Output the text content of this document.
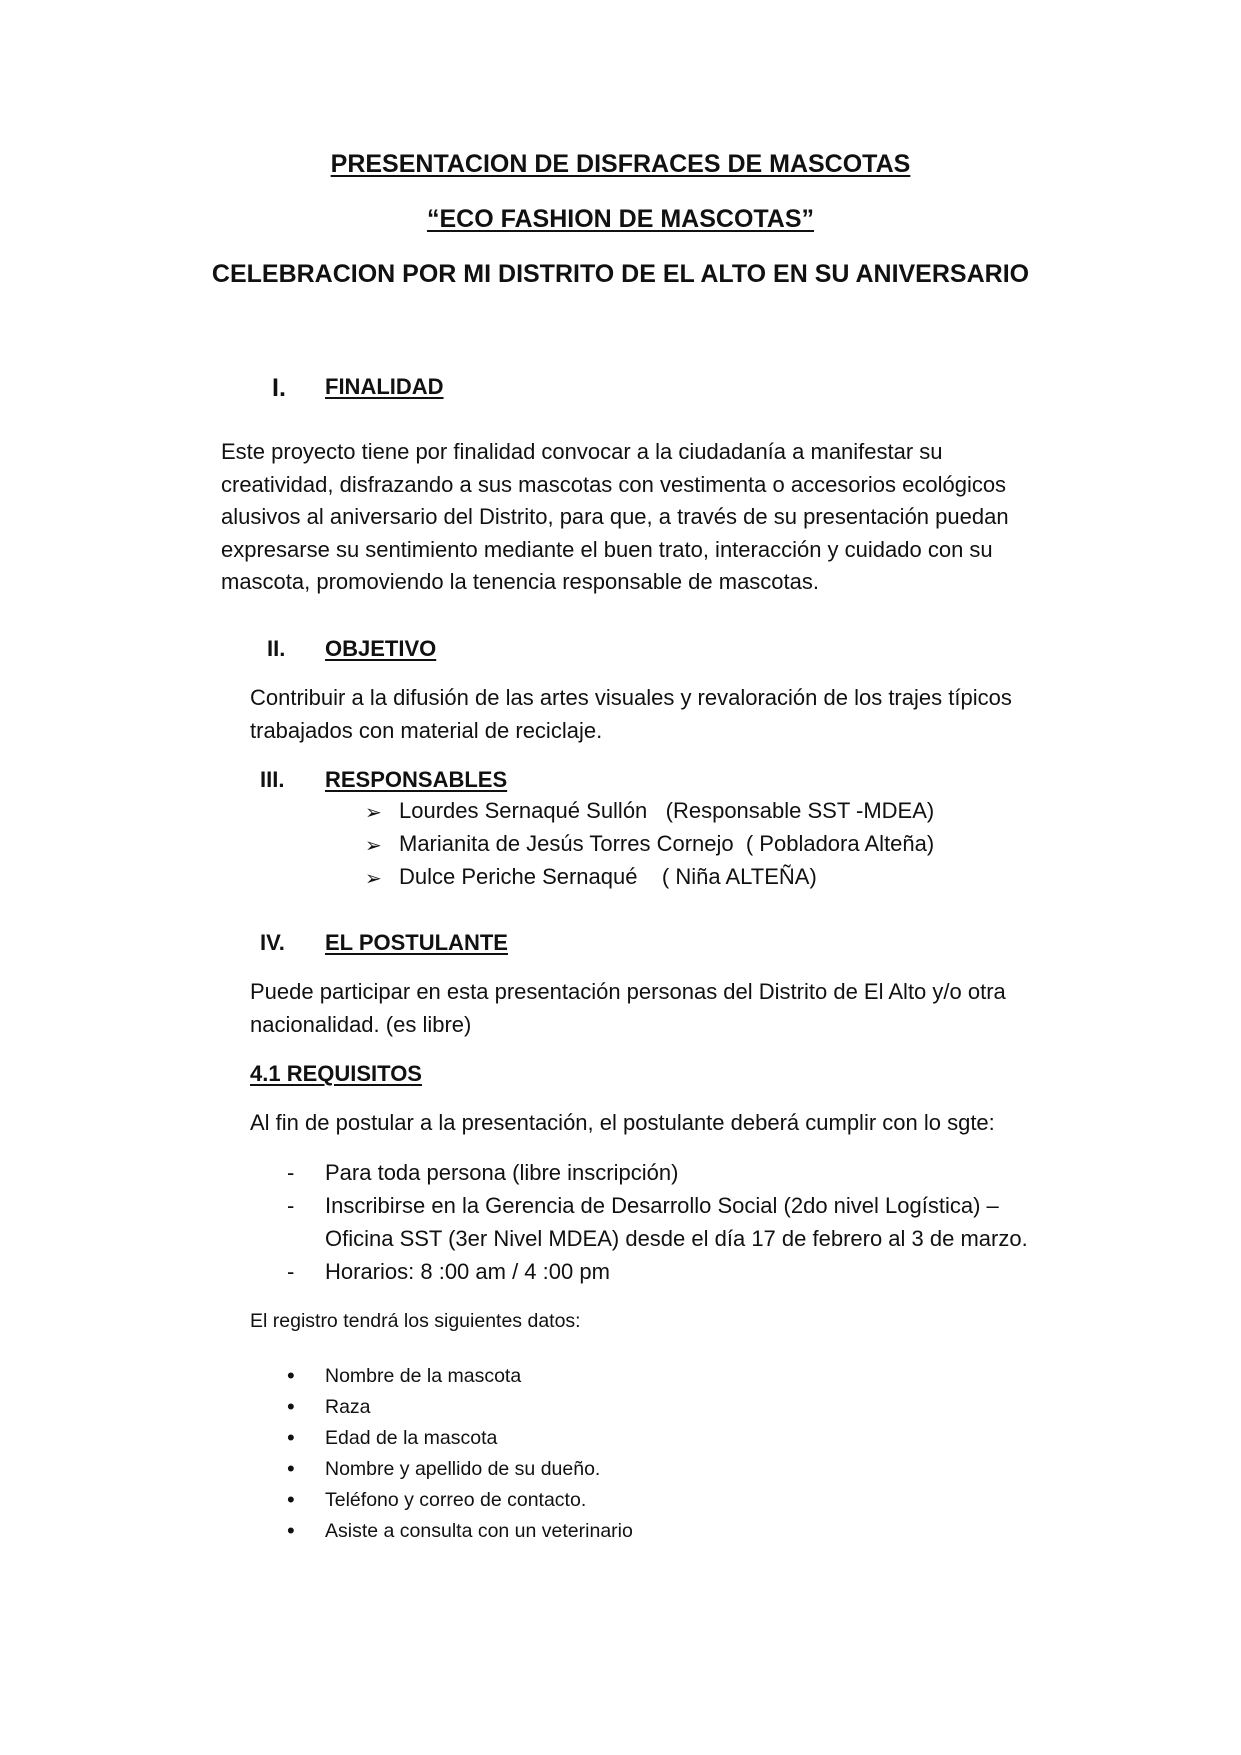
PRESENTACION DE DISFRACES DE MASCOTAS
“ECO FASHION DE MASCOTAS”
CELEBRACION POR MI DISTRITO DE EL ALTO EN SU ANIVERSARIO
I. FINALIDAD
Este proyecto tiene por finalidad convocar a la ciudadanía a manifestar su
creatividad, disfrazando a sus mascotas con vestimenta o accesorios ecológicos
alusivos al aniversario del Distrito, para que, a través de su presentación puedan
expresarse su sentimiento mediante el buen trato, interacción y cuidado con su
mascota, promoviendo la tenencia responsable de mascotas.
II. OBJETIVO
Contribuir a la difusión de las artes visuales y revaloración de los trajes típicos
trabajados con material de reciclaje.
III. RESPONSABLES
➢ Lourdes Sernaqué Sullón   (Responsable SST -MDEA)
➢ Marianita de Jesús Torres Cornejo  ( Pobladora Alteña)
➢ Dulce Periche Sernaqué    ( Niña ALTEÑA)
IV. EL POSTULANTE
Puede participar en esta presentación personas del Distrito de El Alto y/o otra
nacionalidad. (es libre)
4.1 REQUISITOS
Al fin de postular a la presentación, el postulante deberá cumplir con lo sgte:
- Para toda persona (libre inscripción)
- Inscribirse en la Gerencia de Desarrollo Social (2do nivel Logística) –
Oficina SST (3er Nivel MDEA) desde el día 17 de febrero al 3 de marzo.
- Horarios: 8 :00 am / 4 :00 pm
El registro tendrá los siguientes datos:
• Nombre de la mascota
• Raza
• Edad de la mascota
• Nombre y apellido de su dueño.
• Teléfono y correo de contacto.
• Asiste a consulta con un veterinario
